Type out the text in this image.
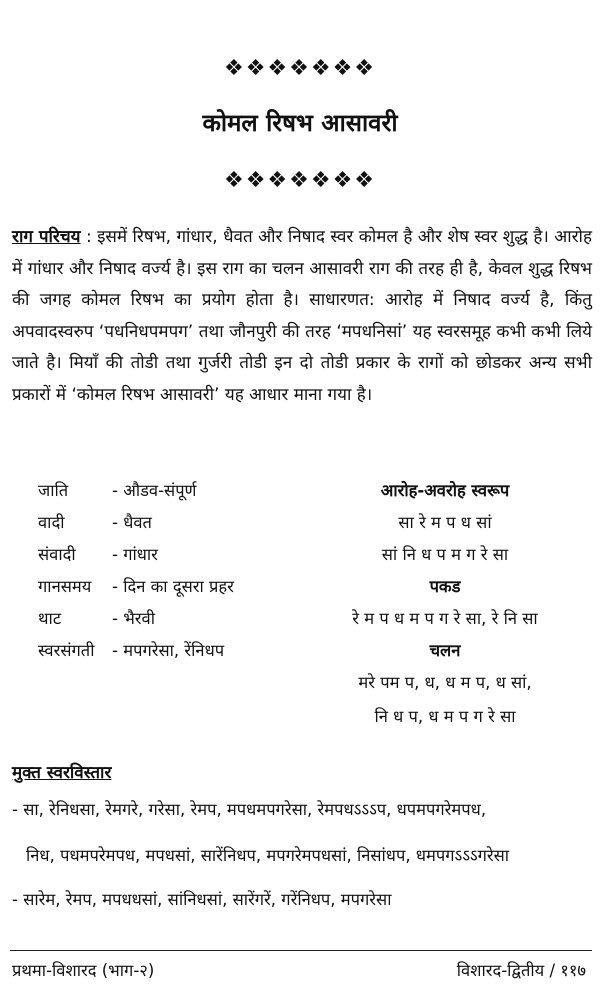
❖❖❖❖❖❖❖
कोमल रिषभ आसावरी
❖❖❖❖❖❖❖
राग परिचय : इसमें रिषभ, गांधार, धैवत और निषाद स्वर कोमल है और शेष स्वर शुद्ध है। आरोह में गांधार और निषाद वर्ज्य है। इस राग का चलन आसावरी राग की तरह ही है, केवल शुद्ध रिषभ की जगह कोमल रिषभ का प्रयोग होता है। साधारणत: आरोह में निषाद वर्ज्य है, किंतु अपवादस्वरुप ‘पधनिधपमपग’ तथा जौनपुरी की तरह ‘मपधनिसां’ यह स्वरसमूह कभी कभी लिये जाते है। मियाँ की तोडी तथा गुर्जरी तोडी इन दो तोडी प्रकार के रागों को छोडकर अन्य सभी प्रकारों में ‘कोमल रिषभ आसावरी’ यह आधार माना गया है।
जाति	- औडव-संपूर्ण
वादी	- धैवत
संवादी - गांधार
गानसमय - दिन का दूसरा प्रहर
थाट	- भैरवी
स्वरसंगती - मपगरेसा, रेंनिधप
आरोह-अवरोह स्वरूप
सा रे म प ध सां
सां नि ध प म ग रे सा
पकड
रे म प ध म प ग रे सा, रे नि सा
चलन
मरे पम प, ध, ध म प, ध सां,
नि ध प, ध म प ग रे सा
मुक्त स्वरविस्तार
- सा, रेनिधसा, रेमगरे, गरेसा, रेमप, मपधमपगरेसा, रेमपधऽऽऽप, धपमपगरेमपध,
निध, पधमपरेमपध, मपधसां, सारेंनिधप, मपगरेमपधसां, निसांधप, धमपगऽऽऽगरेसा
- सारेम, रेमप, मपधधसां, सांनिधसां, सारेंगरें, गरेंनिधप, मपगरेसा
प्रथमा-विशारद (भाग-२)	विशारद-द्वितीय / ११७
